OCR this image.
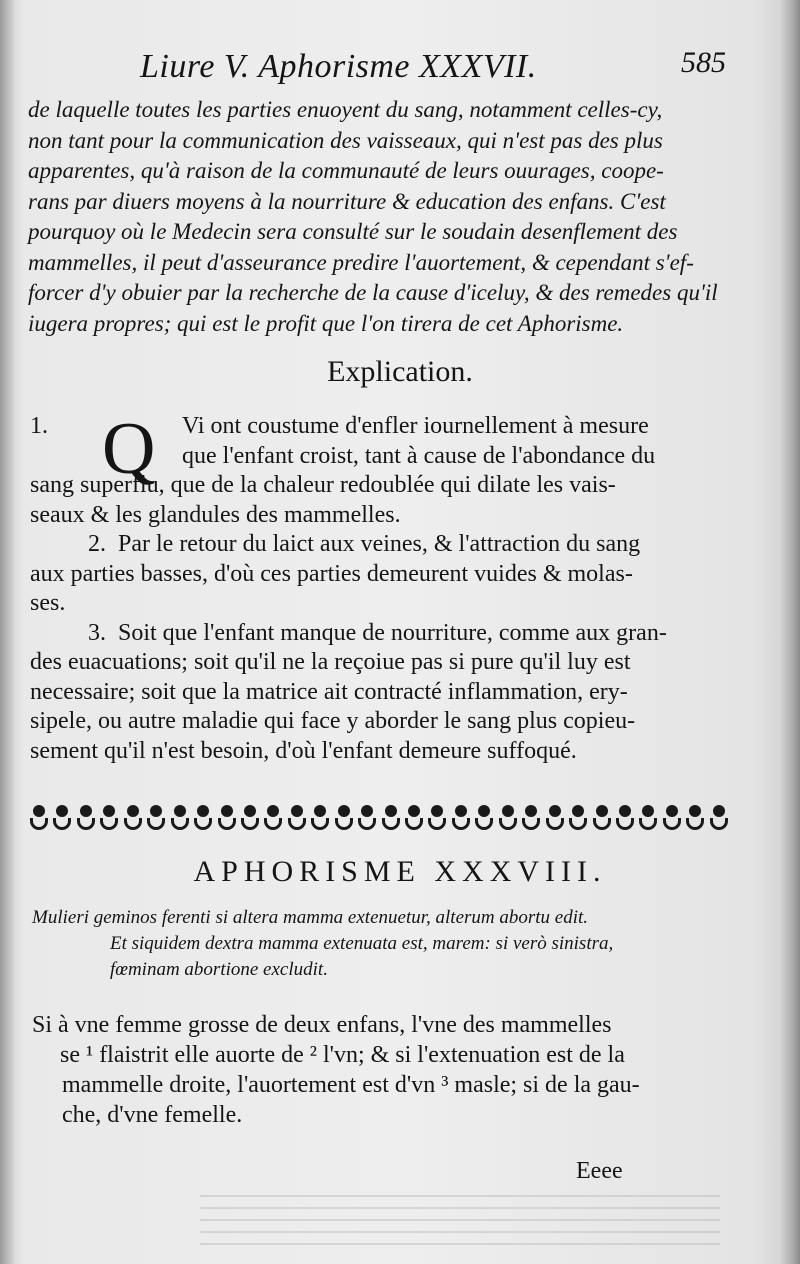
Liure V. Aphorisme XXXVII.	585
de laquelle toutes les parties enuoyent du sang, notamment celles-cy,
non tant pour la communication des vaisseaux, qui n'est pas des plus
apparentes, qu'à raison de la communauté de leurs ouurages, coope-
rans par diuers moyens à la nourriture & education des enfans. C'est
pourquoy où le Medecin sera consulté sur le soudain desenflement des
mammelles, il peut d'asseurance predire l'auortement, & cependant s'ef-
forcer d'y obuier par la recherche de la cause d'iceluy, & des remedes qu'il
iugera propres; qui est le profit que l'on tirera de cet Aphorisme.
Explication.
Q
1.	Vi ont coustume d'enfler iournellement à mesure
que l'enfant croist, tant à cause de l'abondance du
sang superflu, que de la chaleur redoublée qui dilate les vais-
seaux & les glandules des mammelles.
2. Par le retour du laict aux veines, & l'attraction du sang
aux parties basses, d'où ces parties demeurent vuides & molas-
ses.
3. Soit que l'enfant manque de nourriture, comme aux gran-
des euacuations; soit qu'il ne la reçoiue pas si pure qu'il luy est
necessaire; soit que la matrice ait contracté inflammation, ery-
sipele, ou autre maladie qui face y aborder le sang plus copieu-
sement qu'il n'est besoin, d'où l'enfant demeure suffoqué.
APHORISME XXXVIII.
Mulieri geminos ferenti si altera mamma extenuetur, alterum abortu edit.
Et siquidem dextra mamma extenuata est, marem: si verò sinistra,
fœminam abortione excludit.
Si à vne femme grosse de deux enfans, l'vne des mammelles
se ¹ flaistrit elle auorte de ² l'vn; & si l'extenuation est de la
mammelle droite, l'auortement est d'vn ³ masle; si de la gau-
che, d'vne femelle.
Eeee
